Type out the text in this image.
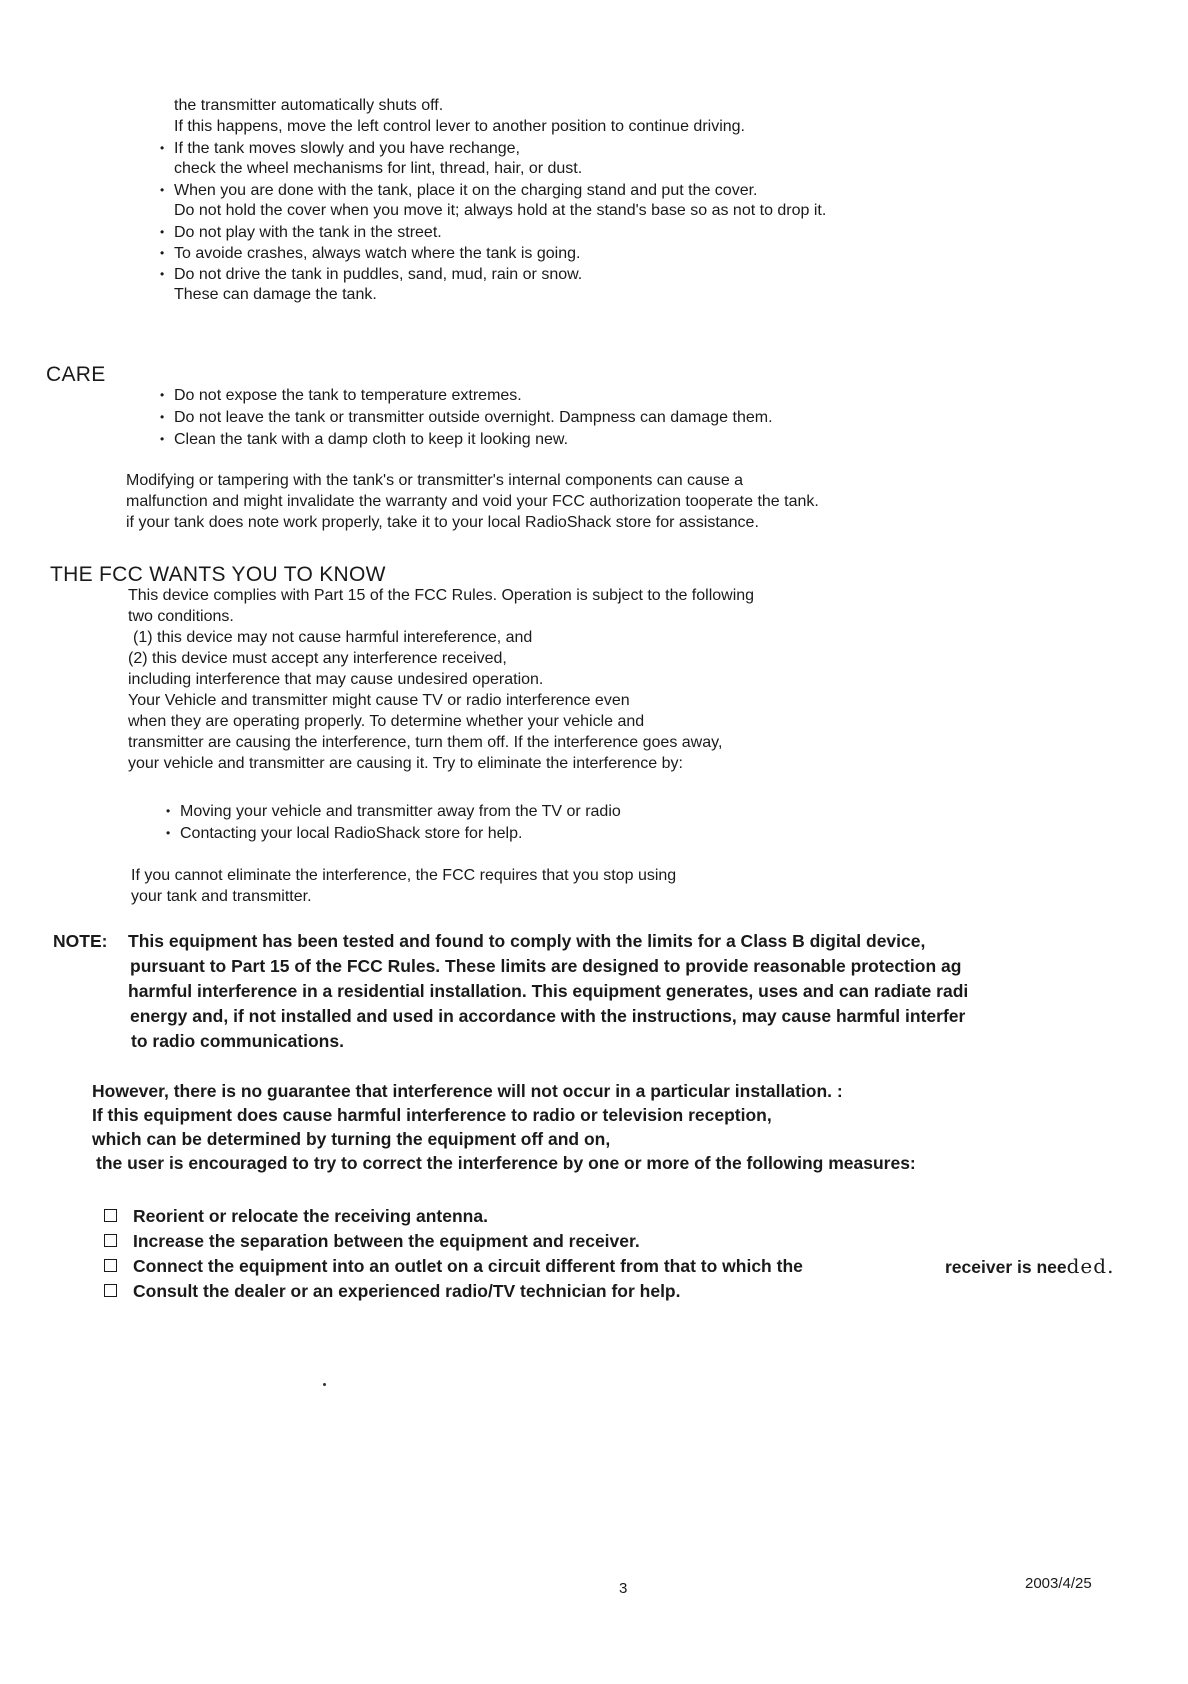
the transmitter automatically shuts off.
If this happens, move the left control lever to another position to continue driving.
• If the tank moves slowly and you have rechange,
check the wheel mechanisms for lint, thread, hair, or dust.
• When you are done with the tank, place it on the charging stand and put the cover.
Do not hold the cover when you move it; always hold at the stand's base so as not to drop it.
• Do not play with the tank in the street.
• To avoide crashes, always watch where the tank is going.
• Do not drive the tank in puddles, sand, mud, rain or snow.
These can damage the tank.
CARE
• Do not expose the tank to temperature extremes.
• Do not leave the tank or transmitter outside overnight. Dampness can damage them.
• Clean the tank with a damp cloth to keep it looking new.
Modifying or tampering with the tank's or transmitter's internal components can cause a
malfunction and might invalidate the warranty and void your FCC authorization tooperate the tank.
if your tank does note work properly, take it to your local RadioShack store for assistance.
THE FCC WANTS YOU TO KNOW
This device complies with Part 15 of the FCC Rules. Operation is subject to the following
two conditions.
(1) this device may not cause harmful intereference, and
(2) this device must accept any interference received,
including interference that may cause undesired operation.
Your Vehicle and transmitter might cause TV or radio interference even
when they are operating properly. To determine whether your vehicle and
transmitter are causing the interference, turn them off. If the interference goes away,
your vehicle and transmitter are causing it. Try to eliminate the interference by:
• Moving your vehicle and transmitter away from the TV or radio
• Contacting your local RadioShack store for help.
If you cannot eliminate the interference, the FCC requires that you stop using
your tank and transmitter.
NOTE: This equipment has been tested and found to comply with the limits for a Class B digital device,
pursuant to Part 15 of the FCC Rules. These limits are designed to provide reasonable protection ag
harmful interference in a residential installation. This equipment generates, uses and can radiate radi
energy and, if not installed and used in accordance with the instructions, may cause harmful interfer
to radio communications.
However, there is no guarantee that interference will not occur in a particular installation. :
If this equipment does cause harmful interference to radio or television reception,
which can be determined by turning the equipment off and on,
the user is encouraged to try to correct the interference by one or more of the following measures:
Reorient or relocate the receiving antenna.
Increase the separation between the equipment and receiver.
Connect the equipment into an outlet on a circuit different from that to which the	receiver is needed.
Consult the dealer or an experienced radio/TV technician for help.
3	2003/4/25
